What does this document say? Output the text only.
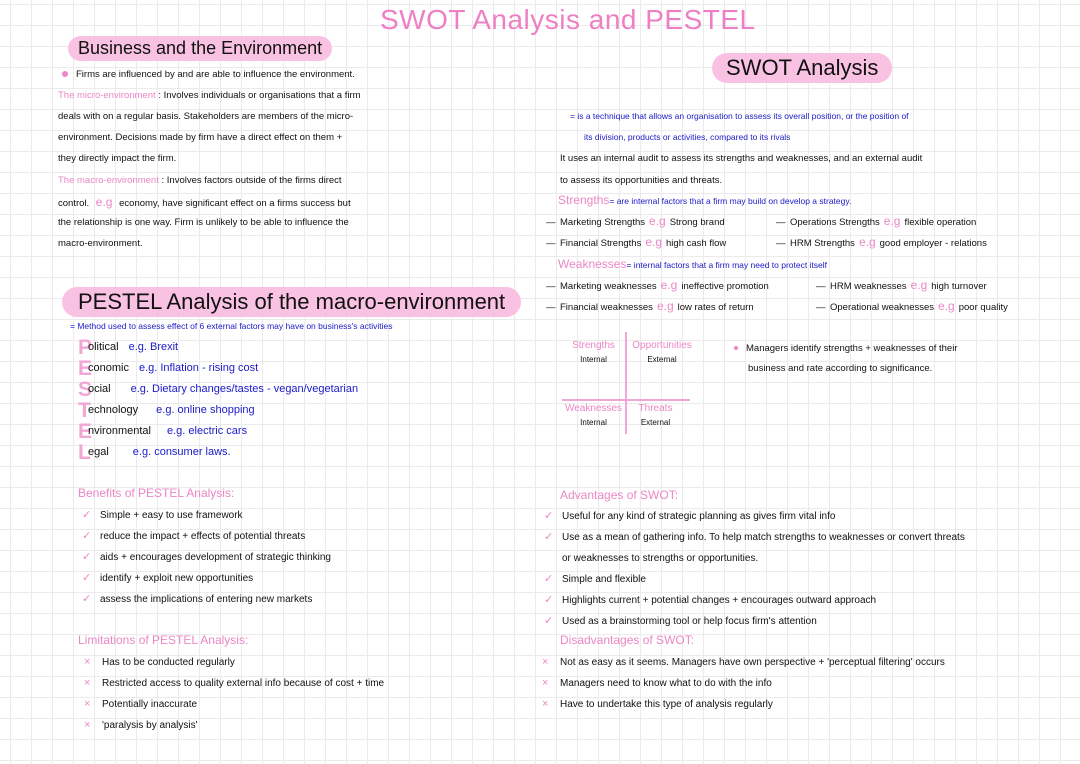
SWOT Analysis and PESTEL
Business and the Environment
Firms are influenced by and are able to influence the environment.
The micro-environment : Involves individuals or organisations that a firm
deals with on a regular basis. Stakeholders are members of the micro-
environment. Decisions made by firm have a direct effect on them +
they directly impact the firm.
The macro-environment : Involves factors outside of the firms direct
control. e.g economy, have significant effect on a firms success but
the relationship is one way. Firm is unlikely to be able to influence the
macro-environment.
PESTEL Analysis of the macro-environment
= Method used to assess effect of 6 external factors may have on business's activities
Political e.g. Brexit
Economic e.g. Inflation - rising cost
Social e.g. Dietary changes/tastes - vegan/vegetarian
Technology e.g. online shopping
Environmental e.g. electric cars
Legal e.g. consumer laws.
Benefits of PESTEL Analysis:
✓ Simple + easy to use framework
✓ reduce the impact + effects of potential threats
✓ aids + encourages development of strategic thinking
✓ identify + exploit new opportunities
✓ assess the implications of entering new markets
Limitations of PESTEL Analysis:
× Has to be conducted regularly
× Restricted access to quality external info because of cost + time
× Potentially inaccurate
× 'paralysis by analysis'
SWOT Analysis
= is a technique that allows an organisation to assess its overall position, or the position of
its division, products or activities, compared to its rivals
It uses an internal audit to assess its strengths and weaknesses, and an external audit
to assess its opportunities and threats.
Strengths= are internal factors that a firm may build on develop a strategy.
— Marketing Strengths e.g Strong brand	— Operations Strengths e.g flexible operation
— Financial Strengths e.g high cash flow	— HRM Strengths e.g good employer - relations
Weaknesses= internal factors that a firm may need to protect itself
— Marketing weaknesses e.g ineffective promotion	— HRM weaknesses e.g high turnover
— Financial weaknesses e.g low rates of return	— Operational weaknesses e.g poor quality
Strengths
Internal
Opportunities
External
Weaknesses
Internal
Threats
External
Managers identify strengths + weaknesses of their
business and rate according to significance.
Advantages of SWOT:
✓ Useful for any kind of strategic planning as gives firm vital info
✓ Use as a mean of gathering info. To help match strengths to weaknesses or convert threats
or weaknesses to strengths or opportunities.
✓ Simple and flexible
✓ Highlights current + potential changes + encourages outward approach
✓ Used as a brainstorming tool or help focus firm's attention
Disadvantages of SWOT:
× Not as easy as it seems. Managers have own perspective + 'perceptual filtering' occurs
× Managers need to know what to do with the info
× Have to undertake this type of analysis regularly
